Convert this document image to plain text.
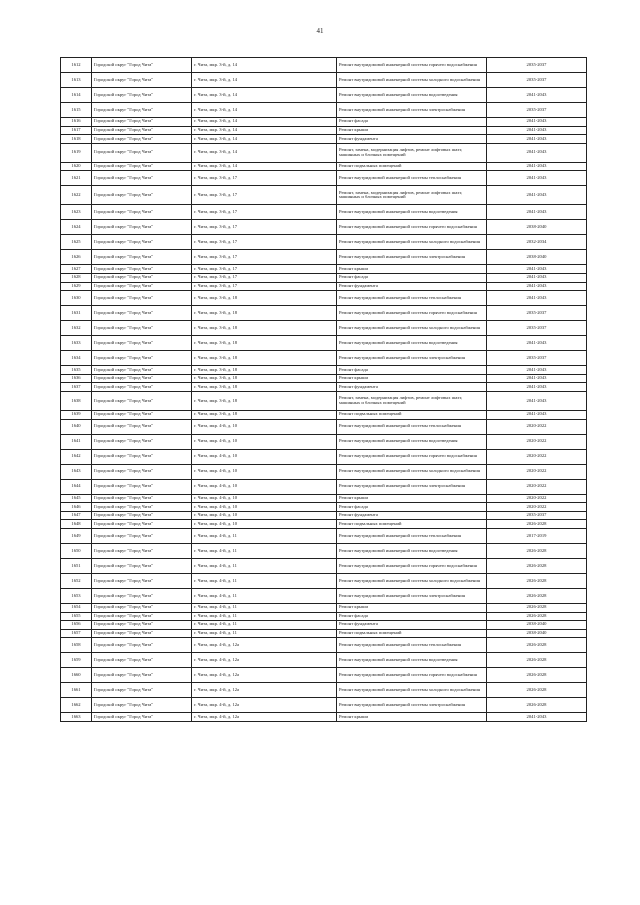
41
1612	Городской округ "Город Чита"	г. Чита, мкр. 3-й, д. 14	Ремонт внутридомовой инженерной системы горячего водоснабжения	2035-2037
1613	Городской округ "Город Чита"	г. Чита, мкр. 3-й, д. 14	Ремонт внутридомовой инженерной системы холодного водоснабжения	2035-2037
1614	Городской округ "Город Чита"	г. Чита, мкр. 3-й, д. 14	Ремонт внутридомовой инженерной системы водоотведения	2041-2043
1615	Городской округ "Город Чита"	г. Чита, мкр. 3-й, д. 14	Ремонт внутридомовой инженерной системы электроснабжения	2035-2037
1616	Городской округ "Город Чита"	г. Чита, мкр. 3-й, д. 14	Ремонт фасада	2041-2043
1617	Городской округ "Город Чита"	г. Чита, мкр. 3-й, д. 14	Ремонт крыши	2041-2043
1618	Городской округ "Город Чита"	г. Чита, мкр. 3-й, д. 14	Ремонт фундамента	2041-2043
1619	Городской округ "Город Чита"	г. Чита, мкр. 3-й, д. 14	Ремонт, замена, модернизация лифтов, ремонт лифтовых шахт, машинных и блочных помещений	2041-2043
1620	Городской округ "Город Чита"	г. Чита, мкр. 3-й, д. 14	Ремонт подвальных помещений	2041-2043
1621	Городской округ "Город Чита"	г. Чита, мкр. 3-й, д. 17	Ремонт внутридомовой инженерной системы теплоснабжения	2041-2043
1622	Городской округ "Город Чита"	г. Чита, мкр. 3-й, д. 17	Ремонт, замена, модернизация лифтов, ремонт лифтовых шахт, машинных и блочных помещений	2041-2043
1623	Городской округ "Город Чита"	г. Чита, мкр. 3-й, д. 17	Ремонт внутридомовой инженерной системы водоотведения	2041-2043
1624	Городской округ "Город Чита"	г. Чита, мкр. 3-й, д. 17	Ремонт внутридомовой инженерной системы горячего водоснабжения	2038-2040
1625	Городской округ "Город Чита"	г. Чита, мкр. 3-й, д. 17	Ремонт внутридомовой инженерной системы холодного водоснабжения	2032-2034
1626	Городской округ "Город Чита"	г. Чита, мкр. 3-й, д. 17	Ремонт внутридомовой инженерной системы электроснабжения	2038-2040
1627	Городской округ "Город Чита"	г. Чита, мкр. 3-й, д. 17	Ремонт крыши	2041-2043
1628	Городской округ "Город Чита"	г. Чита, мкр. 3-й, д. 17	Ремонт фасада	2041-2043
1629	Городской округ "Город Чита"	г. Чита, мкр. 3-й, д. 17	Ремонт фундамента	2041-2043
1630	Городской округ "Город Чита"	г. Чита, мкр. 3-й, д. 18	Ремонт внутридомовой инженерной системы теплоснабжения	2041-2043
1631	Городской округ "Город Чита"	г. Чита, мкр. 3-й, д. 18	Ремонт внутридомовой инженерной системы горячего водоснабжения	2035-2037
1632	Городской округ "Город Чита"	г. Чита, мкр. 3-й, д. 18	Ремонт внутридомовой инженерной системы холодного водоснабжения	2035-2037
1633	Городской округ "Город Чита"	г. Чита, мкр. 3-й, д. 18	Ремонт внутридомовой инженерной системы водоотведения	2041-2043
1634	Городской округ "Город Чита"	г. Чита, мкр. 3-й, д. 18	Ремонт внутридомовой инженерной системы электроснабжения	2035-2037
1635	Городской округ "Город Чита"	г. Чита, мкр. 3-й, д. 18	Ремонт фасада	2041-2043
1636	Городской округ "Город Чита"	г. Чита, мкр. 3-й, д. 18	Ремонт крыши	2041-2043
1637	Городской округ "Город Чита"	г. Чита, мкр. 3-й, д. 18	Ремонт фундамента	2041-2043
1638	Городской округ "Город Чита"	г. Чита, мкр. 3-й, д. 18	Ремонт, замена, модернизация лифтов, ремонт лифтовых шахт, машинных и блочных помещений	2041-2043
1639	Городской округ "Город Чита"	г. Чита, мкр. 3-й, д. 18	Ремонт подвальных помещений	2041-2043
1640	Городской округ "Город Чита"	г. Чита, мкр. 4-й, д. 10	Ремонт внутридомовой инженерной системы теплоснабжения	2020-2022
1641	Городской округ "Город Чита"	г. Чита, мкр. 4-й, д. 10	Ремонт внутридомовой инженерной системы водоотведения	2020-2022
1642	Городской округ "Город Чита"	г. Чита, мкр. 4-й, д. 10	Ремонт внутридомовой инженерной системы горячего водоснабжения	2020-2022
1643	Городской округ "Город Чита"	г. Чита, мкр. 4-й, д. 10	Ремонт внутридомовой инженерной системы холодного водоснабжения	2020-2022
1644	Городской округ "Город Чита"	г. Чита, мкр. 4-й, д. 10	Ремонт внутридомовой инженерной системы электроснабжения	2020-2022
1645	Городской округ "Город Чита"	г. Чита, мкр. 4-й, д. 10	Ремонт крыши	2020-2022
1646	Городской округ "Город Чита"	г. Чита, мкр. 4-й, д. 10	Ремонт фасада	2020-2022
1647	Городской округ "Город Чита"	г. Чита, мкр. 4-й, д. 10	Ремонт фундамента	2035-2037
1648	Городской округ "Город Чита"	г. Чита, мкр. 4-й, д. 10	Ремонт подвальных помещений	2026-2028
1649	Городской округ "Город Чита"	г. Чита, мкр. 4-й, д. 11	Ремонт внутридомовой инженерной системы теплоснабжения	2017-2019
1650	Городской округ "Город Чита"	г. Чита, мкр. 4-й, д. 11	Ремонт внутридомовой инженерной системы водоотведения	2026-2028
1651	Городской округ "Город Чита"	г. Чита, мкр. 4-й, д. 11	Ремонт внутридомовой инженерной системы горячего водоснабжения	2026-2028
1652	Городской округ "Город Чита"	г. Чита, мкр. 4-й, д. 11	Ремонт внутридомовой инженерной системы холодного водоснабжения	2026-2028
1653	Городской округ "Город Чита"	г. Чита, мкр. 4-й, д. 11	Ремонт внутридомовой инженерной системы электроснабжения	2026-2028
1654	Городской округ "Город Чита"	г. Чита, мкр. 4-й, д. 11	Ремонт крыши	2026-2028
1655	Городской округ "Город Чита"	г. Чита, мкр. 4-й, д. 11	Ремонт фасада	2026-2028
1656	Городской округ "Город Чита"	г. Чита, мкр. 4-й, д. 11	Ремонт фундамента	2038-2040
1657	Городской округ "Город Чита"	г. Чита, мкр. 4-й, д. 11	Ремонт подвальных помещений	2038-2040
1658	Городской округ "Город Чита"	г. Чита, мкр. 4-й, д. 12а	Ремонт внутридомовой инженерной системы теплоснабжения	2026-2028
1659	Городской округ "Город Чита"	г. Чита, мкр. 4-й, д. 12а	Ремонт внутридомовой инженерной системы водоотведения	2026-2028
1660	Городской округ "Город Чита"	г. Чита, мкр. 4-й, д. 12а	Ремонт внутридомовой инженерной системы горячего водоснабжения	2026-2028
1661	Городской округ "Город Чита"	г. Чита, мкр. 4-й, д. 12а	Ремонт внутридомовой инженерной системы холодного водоснабжения	2026-2028
1662	Городской округ "Город Чита"	г. Чита, мкр. 4-й, д. 12а	Ремонт внутридомовой инженерной системы электроснабжения	2026-2028
1663	Городской округ "Город Чита"	г. Чита, мкр. 4-й, д. 12а	Ремонт крыши	2041-2043
